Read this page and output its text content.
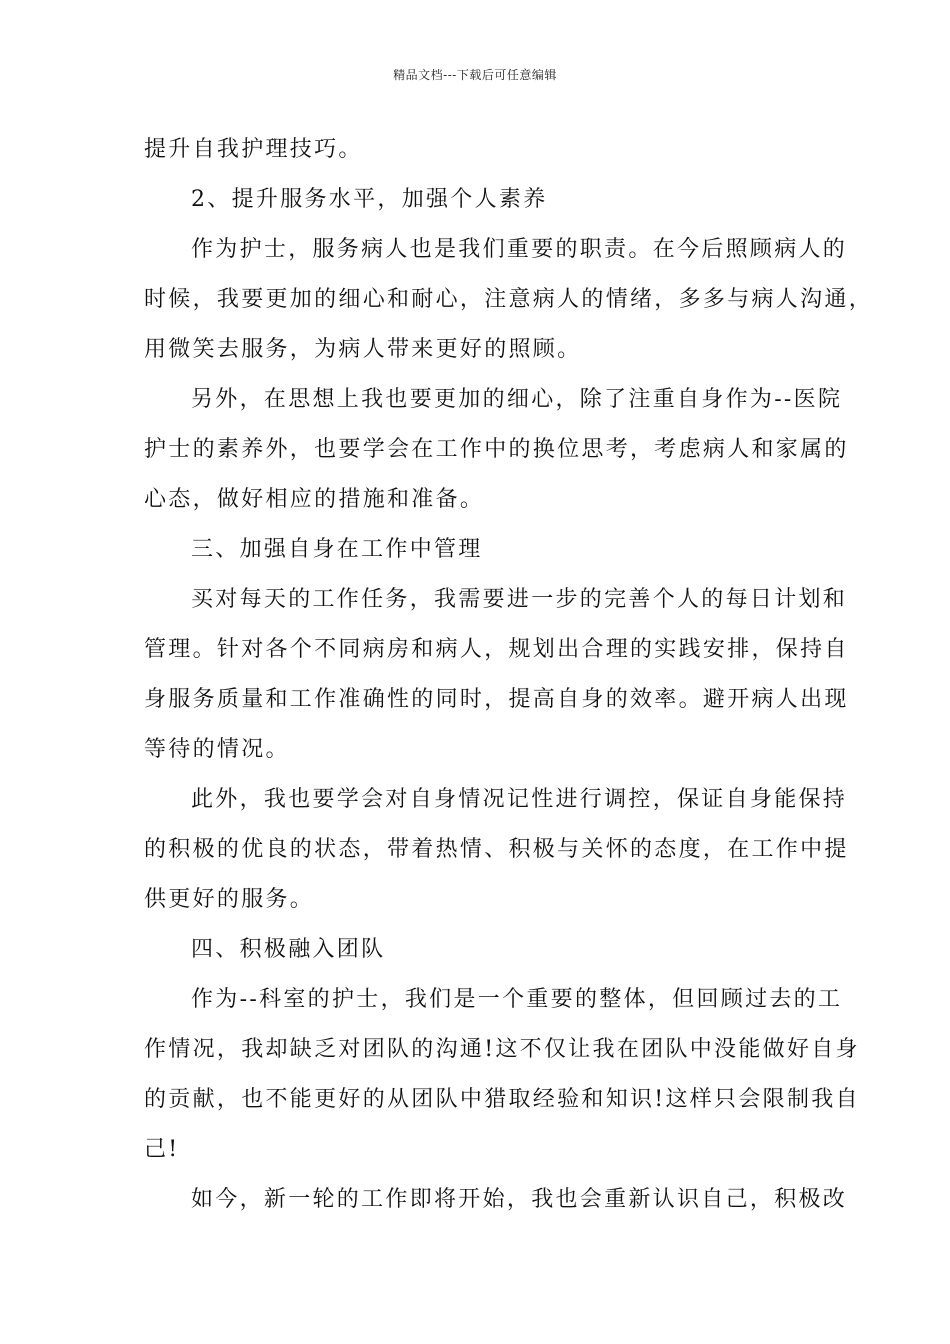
精品文档---下载后可任意编辑
提升自我护理技巧。
2、提升服务水平，加强个人素养
作为护士，服务病人也是我们重要的职责。在今后照顾病人的
时候，我要更加的细心和耐心，注意病人的情绪，多多与病人沟通，
用微笑去服务，为病人带来更好的照顾。
另外，在思想上我也要更加的细心，除了注重自身作为--医院
护士的素养外，也要学会在工作中的换位思考，考虑病人和家属的
心态，做好相应的措施和准备。
三、加强自身在工作中管理
买对每天的工作任务，我需要进一步的完善个人的每日计划和
管理。针对各个不同病房和病人，规划出合理的实践安排，保持自
身服务质量和工作准确性的同时，提高自身的效率。避开病人出现
等待的情况。
此外，我也要学会对自身情况记性进行调控，保证自身能保持
的积极的优良的状态，带着热情、积极与关怀的态度，在工作中提
供更好的服务。
四、积极融入团队
作为--科室的护士，我们是一个重要的整体，但回顾过去的工
作情况，我却缺乏对团队的沟通!这不仅让我在团队中没能做好自身
的贡献，也不能更好的从团队中猎取经验和知识!这样只会限制我自
己!
如今，新一轮的工作即将开始，我也会重新认识自己，积极改
